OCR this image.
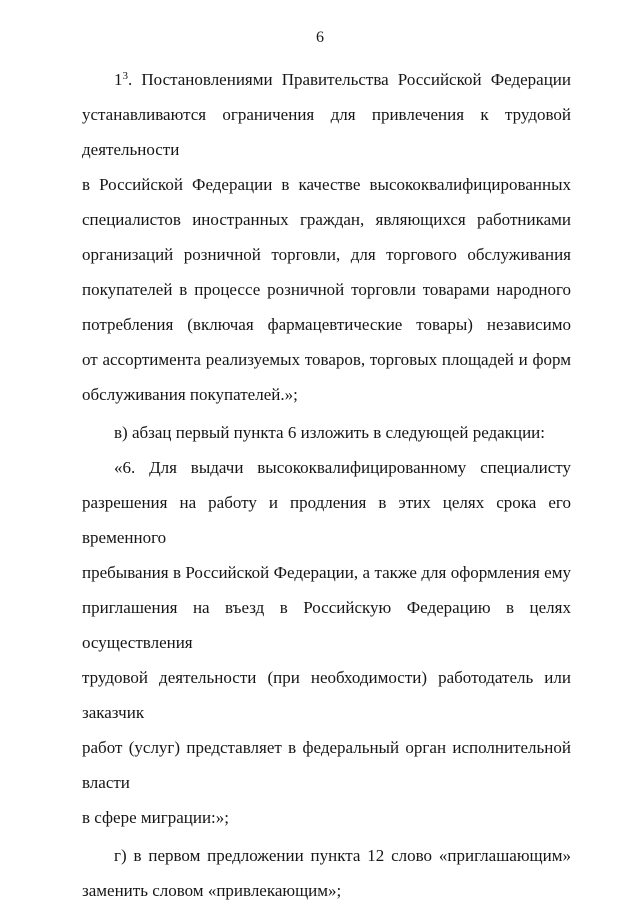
6
$1^3$. Постановлениями Правительства Российской Федерации
устанавливаются ограничения для привлечения к трудовой деятельности
в Российской Федерации в качестве высококвалифицированных
специалистов иностранных граждан, являющихся работниками
организаций розничной торговли, для торгового обслуживания
покупателей в процессе розничной торговли товарами народного
потребления (включая фармацевтические товары) независимо
от ассортимента реализуемых товаров, торговых площадей и форм
обслуживания покупателей.»;
в) абзац первый пункта 6 изложить в следующей редакции:
«6. Для выдачи высококвалифицированному специалисту
разрешения на работу и продления в этих целях срока его временного
пребывания в Российской Федерации, а также для оформления ему
приглашения на въезд в Российскую Федерацию в целях осуществления
трудовой деятельности (при необходимости) работодатель или заказчик
работ (услуг) представляет в федеральный орган исполнительной власти
в сфере миграции:»;
г) в первом предложении пункта 12 слово «приглашающим»
заменить словом «привлекающим»;
